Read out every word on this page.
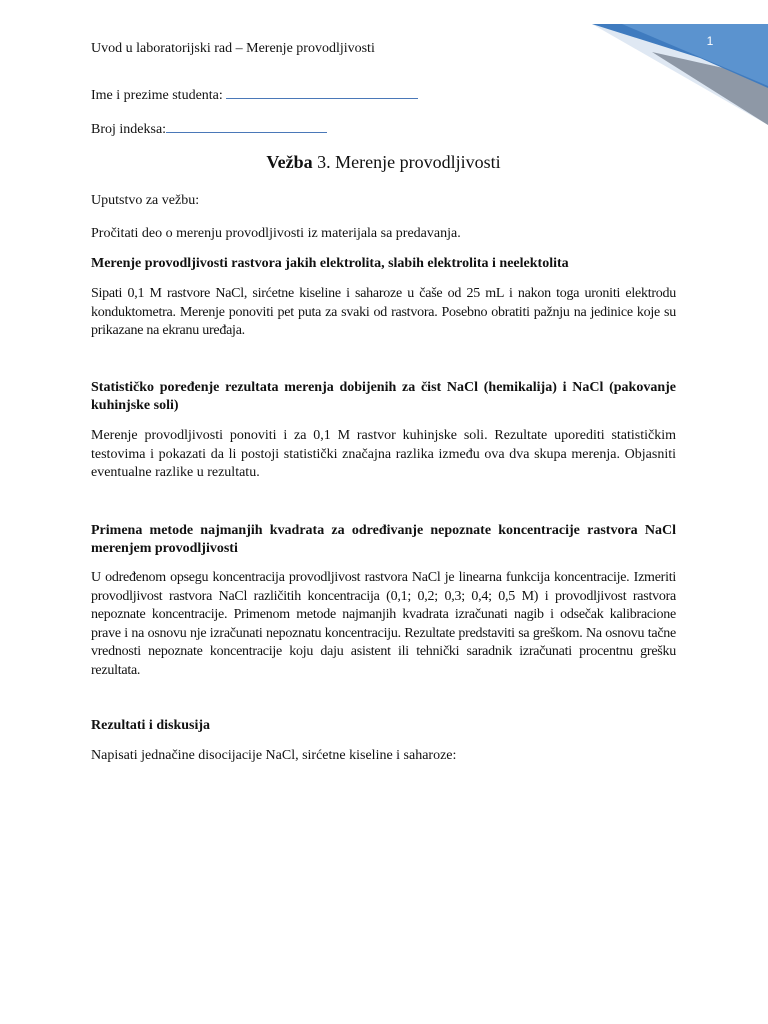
1
Uvod u laboratorijski rad – Merenje provodljivosti
Ime i prezime studenta:
Broj indeksa:
Vežba 3. Merenje provodljivosti

Uputstvo za vežbu:

Pročitati deo o merenju provodljivosti iz materijala sa predavanja.

Merenje provodljivosti rastvora jakih elektrolita, slabih elektrolita i neelektolita

Sipati 0,1 M rastvore NaCl, sirćetne kiseline i saharoze u čaše od 25 mL i nakon toga uroniti elektrodu konduktometra. Merenje ponoviti pet puta za svaki od rastvora. Posebno obratiti pažnju na jedinice koje su prikazane na ekranu uređaja.

Statističko poređenje rezultata merenja dobijenih za čist NaCl (hemikalija) i NaCl (pakovanje kuhinjske soli)

Merenje provodljivosti ponoviti i za 0,1 M rastvor kuhinjske soli. Rezultate uporediti statističkim testovima i pokazati da li postoji statistički značajna razlika između ova dva skupa merenja. Objasniti eventualne razlike u rezultatu.

Primena metode najmanjih kvadrata za određivanje nepoznate koncentracije rastvora NaCl merenjem provodljivosti

U određenom opsegu koncentracija provodljivost rastvora NaCl je linearna funkcija koncentracije. Izmeriti provodljivost rastvora NaCl različitih koncentracija (0,1; 0,2; 0,3; 0,4; 0,5 M) i provodljivost rastvora nepoznate koncentracije. Primenom metode najmanjih kvadrata izračunati nagib i odsečak kalibracione prave i na osnovu nje izračunati nepoznatu koncentraciju. Rezultate predstaviti sa greškom. Na osnovu tačne vrednosti nepoznate koncentracije koju daju asistent ili tehnički saradnik izračunati procentnu grešku rezultata.

Rezultati i diskusija

Napisati jednačine disocijacije NaCl, sirćetne kiseline i saharoze:
